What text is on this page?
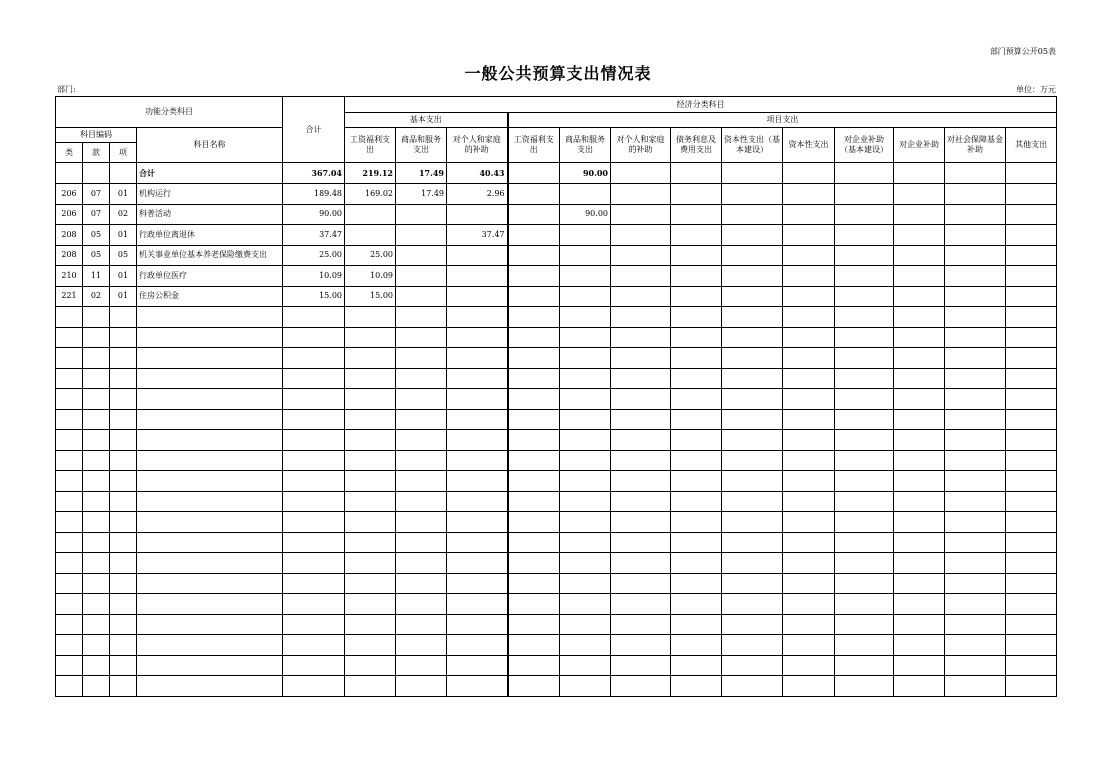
部门预算公开05表
一般公共预算支出情况表
部门:	单位：万元
功能分类科目				合计	经济分类科目												
					基本支出			项目支出									
科目编码			科目名称		工资福利支出	商品和服务支出	对个人和家庭的补助	工资福利支出	商品和服务支出	对个人和家庭的补助	债务利息及费用支出	资本性支出（基本建设）	资本性支出	对企业补助（基本建设）	对企业补助	对社会保障基金补助	其他支出
类	款	项															
			合计	367.04	219.12	17.49	40.43		90.00								
206	07	01	机构运行	189.48	169.02	17.49	2.96										
206	07	02	科普活动	90.00					90.00								
208	05	01	行政单位离退休	37.47			37.47										
208	05	05	机关事业单位基本养老保险缴费支出	25.00	25.00												
210	11	01	行政单位医疗	10.09	10.09												
221	02	01	住房公积金	15.00	15.00												
